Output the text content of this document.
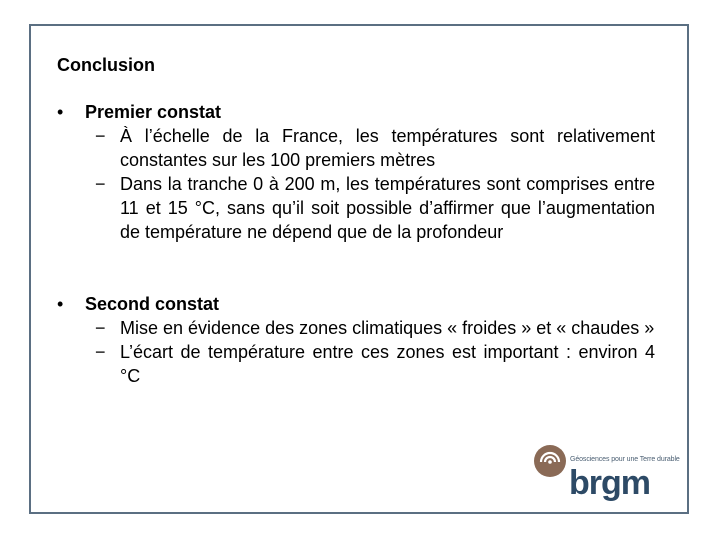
Conclusion
• Premier constat
− À l’échelle de la France, les températures sont relativement constantes sur les 100 premiers mètres
− Dans la tranche 0 à 200 m, les températures sont comprises entre 11 et 15 °C, sans qu’il soit possible d’affirmer que l’augmentation de température ne dépend que de la profondeur
• Second constat
− Mise en évidence des zones climatiques « froides » et « chaudes »
− L’écart de température entre ces zones est important : environ 4 °C
Géosciences pour une Terre durable
brgm
